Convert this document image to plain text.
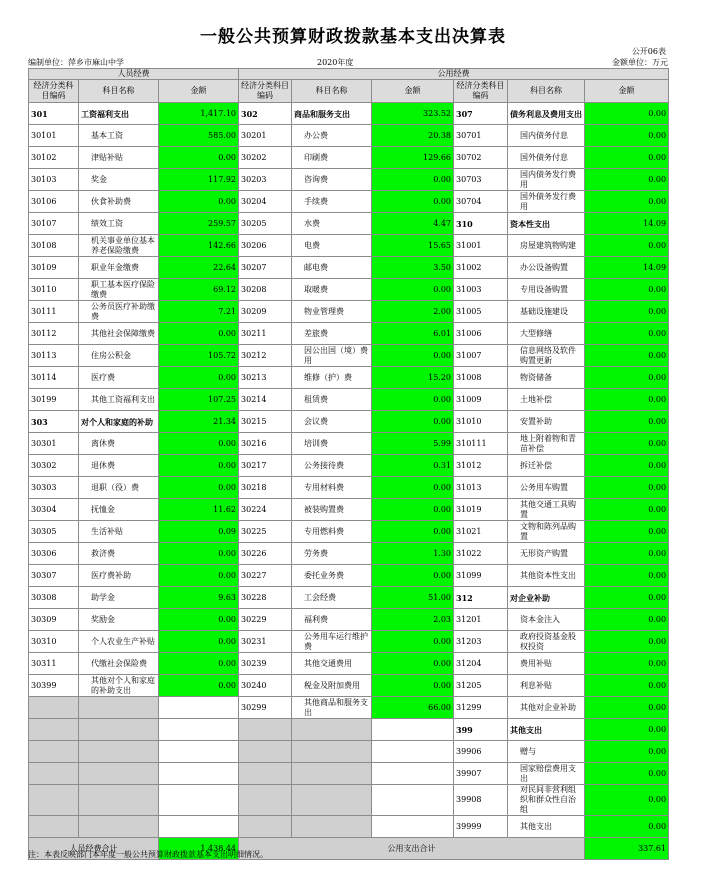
一般公共预算财政拨款基本支出决算表
公开06表
编制单位：萍乡市麻山中学	2020年度	金额单位：万元
人员经费			公用经费					
经济分类科目编码	科目名称	金额	经济分类科目编码	科目名称	金额	经济分类科目编码	科目名称	金额
301	工资福利支出	1,417.10	302	商品和服务支出	323.52	307	债务利息及费用支出	0.00
30101	基本工资	585.00	30201	办公费	20.38	30701	国内债务付息	0.00
30102	津贴补贴	0.00	30202	印刷费	129.66	30702	国外债务付息	0.00
30103	奖金	117.92	30203	咨询费	0.00	30703	国内债务发行费用	0.00
30106	伙食补助费	0.00	30204	手续费	0.00	30704	国外债务发行费用	0.00
30107	绩效工资	259.57	30205	水费	4.47	310	资本性支出	14.09
30108	机关事业单位基本养老保险缴费	142.66	30206	电费	15.65	31001	房屋建筑物购建	0.00
30109	职业年金缴费	22.64	30207	邮电费	3.50	31002	办公设备购置	14.09
30110	职工基本医疗保险缴费	69.12	30208	取暖费	0.00	31003	专用设备购置	0.00
30111	公务员医疗补助缴费	7.21	30209	物业管理费	2.00	31005	基础设施建设	0.00
30112	其他社会保障缴费	0.00	30211	差旅费	6.01	31006	大型修缮	0.00
30113	住房公积金	105.72	30212	因公出国（境）费用	0.00	31007	信息网络及软件购置更新	0.00
30114	医疗费	0.00	30213	维修（护）费	15.20	31008	物资储备	0.00
30199	其他工资福利支出	107.25	30214	租赁费	0.00	31009	土地补偿	0.00
303	对个人和家庭的补助	21.34	30215	会议费	0.00	31010	安置补助	0.00
30301	离休费	0.00	30216	培训费	5.99	310111	地上附着物和青苗补偿	0.00
30302	退休费	0.00	30217	公务接待费	0.31	31012	拆迁补偿	0.00
30303	退职（役）费	0.00	30218	专用材料费	0.00	31013	公务用车购置	0.00
30304	抚恤金	11.62	30224	被装购置费	0.00	31019	其他交通工具购置	0.00
30305	生活补贴	0.09	30225	专用燃料费	0.00	31021	文物和陈列品购置	0.00
30306	救济费	0.00	30226	劳务费	1.30	31022	无形资产购置	0.00
30307	医疗费补助	0.00	30227	委托业务费	0.00	31099	其他资本性支出	0.00
30308	助学金	9.63	30228	工会经费	51.00	312	对企业补助	0.00
30309	奖励金	0.00	30229	福利费	2.03	31201	资本金注入	0.00
30310	个人农业生产补贴	0.00	30231	公务用车运行维护费	0.00	31203	政府投资基金股权投资	0.00
30311	代缴社会保险费	0.00	30239	其他交通费用	0.00	31204	费用补贴	0.00
30399	其他对个人和家庭的补助支出	0.00	30240	税金及附加费用	0.00	31205	利息补贴	0.00
			30299	其他商品和服务支出	66.00	31299	其他对企业补助	0.00
						399	其他支出	0.00
						39906	赠与	0.00
						39907	国家赔偿费用支出	0.00
						39908	对民间非营利组织和群众性自治组	0.00
						39999	其他支出	0.00
人员经费合计		1,438.44	公用支出合计					337.61
注：本表反映部门本年度一般公共预算财政拨款基本支出明细情况。
